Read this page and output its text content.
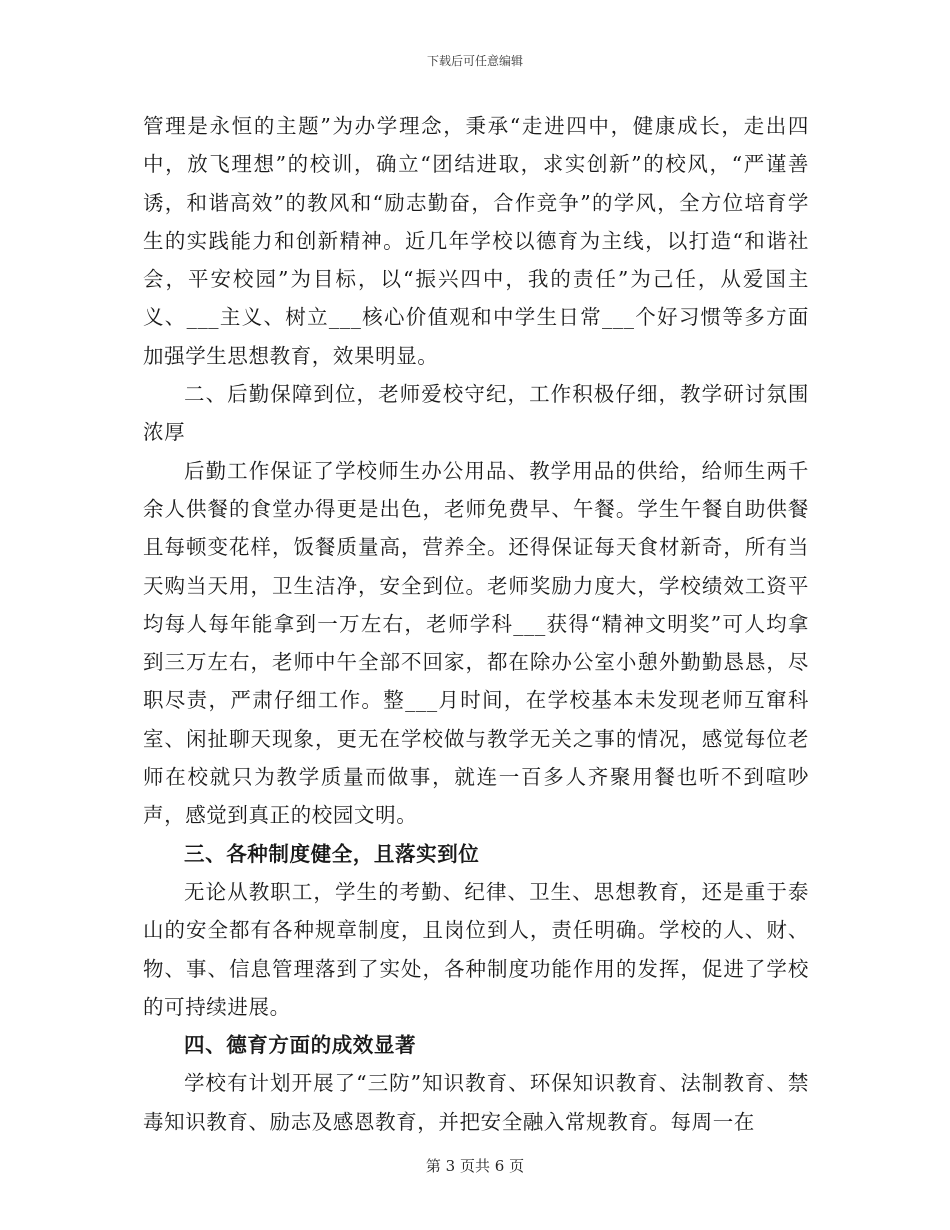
下载后可任意编辑

管理是永恒的主题”为办学理念，秉承“走进四中，健康成长，走出四中，放飞理想”的校训，确立“团结进取，求实创新”的校风，“严谨善诱，和谐高效”的教风和“励志勤奋，合作竞争”的学风，全方位培育学生的实践能力和创新精神。近几年学校以德育为主线，以打造“和谐社会，平安校园”为目标，以“振兴四中，我的责任”为己任，从爱国主义、___主义、树立___核心价值观和中学生日常___个好习惯等多方面加强学生思想教育，效果明显。

二、后勤保障到位，老师爱校守纪，工作积极仔细，教学研讨氛围浓厚

后勤工作保证了学校师生办公用品、教学用品的供给，给师生两千余人供餐的食堂办得更是出色，老师免费早、午餐。学生午餐自助供餐且每顿变花样，饭餐质量高，营养全。还得保证每天食材新奇，所有当天购当天用，卫生洁净，安全到位。老师奖励力度大，学校绩效工资平均每人每年能拿到一万左右，老师学科___获得“精神文明奖”可人均拿到三万左右，老师中午全部不回家，都在除办公室小憩外勤勤恳恳，尽职尽责，严肃仔细工作。整___月时间，在学校基本未发现老师互窜科室、闲扯聊天现象，更无在学校做与教学无关之事的情况，感觉每位老师在校就只为教学质量而做事，就连一百多人齐聚用餐也听不到喧吵声，感觉到真正的校园文明。

三、各种制度健全，且落实到位

无论从教职工，学生的考勤、纪律、卫生、思想教育，还是重于泰山的安全都有各种规章制度，且岗位到人，责任明确。学校的人、财、物、事、信息管理落到了实处，各种制度功能作用的发挥，促进了学校的可持续进展。

四、德育方面的成效显著

学校有计划开展了“三防”知识教育、环保知识教育、法制教育、禁毒知识教育、励志及感恩教育，并把安全融入常规教育。每周一在

第 3 页共 6 页
